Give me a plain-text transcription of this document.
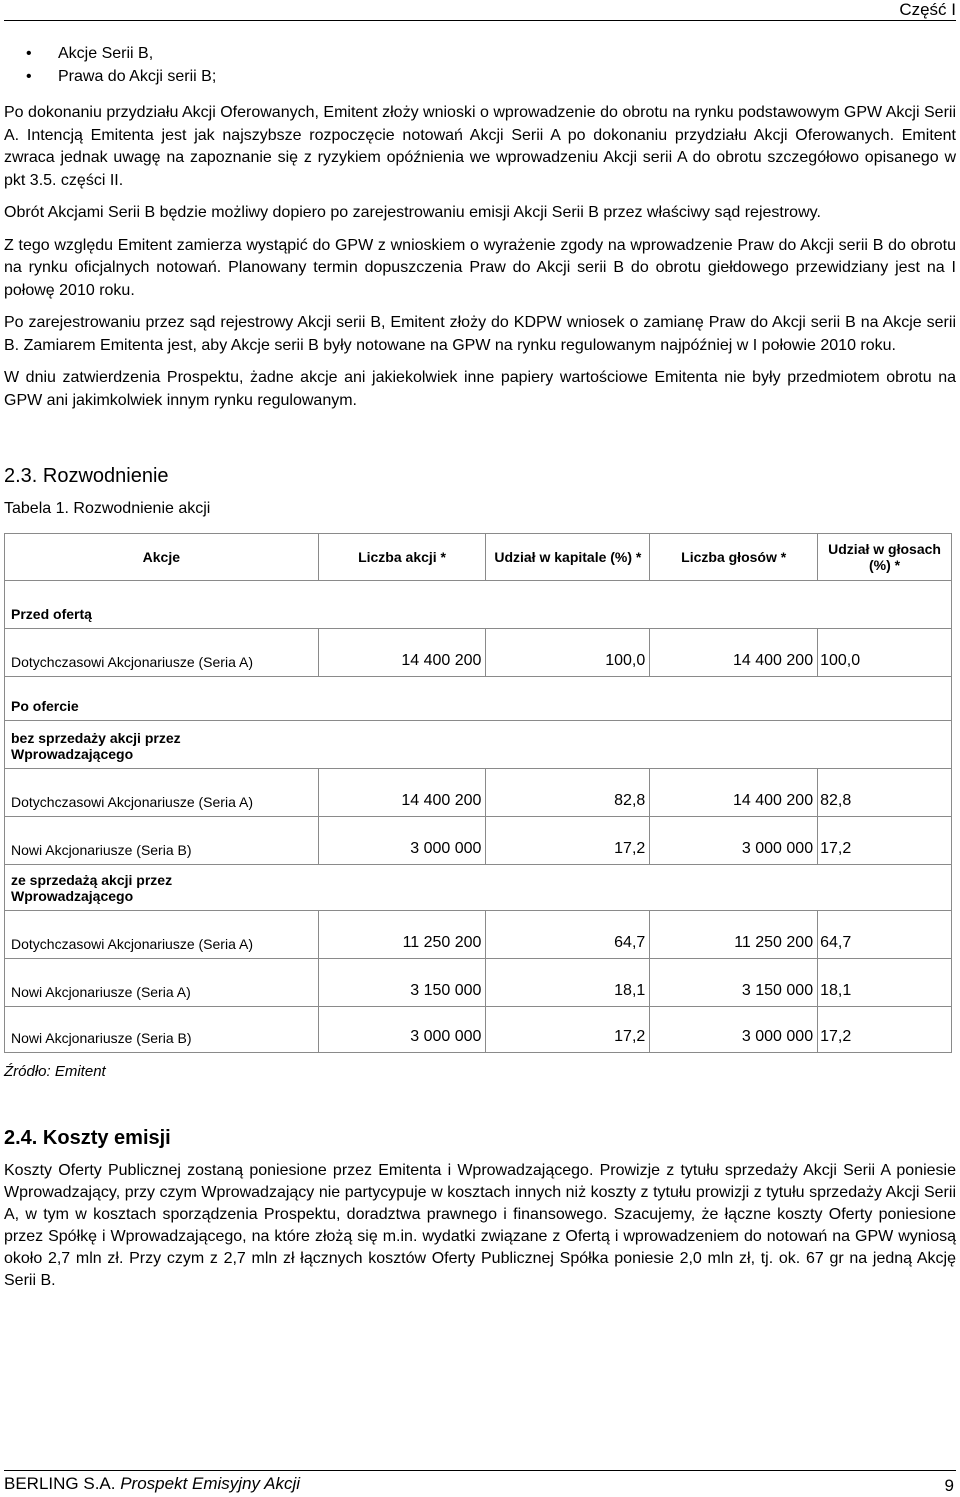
Część I
• Akcje Serii B,
• Prawa do Akcji serii B;

Po dokonaniu przydziału Akcji Oferowanych, Emitent złoży wnioski o wprowadzenie do obrotu na rynku podstawowym GPW Akcji Serii A. Intencją Emitenta jest jak najszybsze rozpoczęcie notowań Akcji Serii A po dokonaniu przydziału Akcji Oferowanych. Emitent zwraca jednak uwagę na zapoznanie się z ryzykiem opóźnienia we wprowadzeniu Akcji serii A do obrotu szczegółowo opisanego w pkt 3.5. części II.

Obrót Akcjami Serii B będzie możliwy dopiero po zarejestrowaniu emisji Akcji Serii B przez właściwy sąd rejestrowy.

Z tego względu Emitent zamierza wystąpić do GPW z wnioskiem o wyrażenie zgody na wprowadzenie Praw do Akcji serii B do obrotu na rynku oficjalnych notowań. Planowany termin dopuszczenia Praw do Akcji serii B do obrotu giełdowego przewidziany jest na I połowę 2010 roku.

Po zarejestrowaniu przez sąd rejestrowy Akcji serii B, Emitent złoży do KDPW wniosek o zamianę Praw do Akcji serii B na Akcje serii B. Zamiarem Emitenta jest, aby Akcje serii B były notowane na GPW na rynku regulowanym najpóźniej w I połowie 2010 roku.

W dniu zatwierdzenia Prospektu, żadne akcje ani jakiekolwiek inne papiery wartościowe Emitenta nie były przedmiotem obrotu na GPW ani jakimkolwiek innym rynku regulowanym.

2.3. Rozwodnienie
Tabela 1. Rozwodnienie akcji
Akcje	Liczba akcji *	Udział w kapitale (%) *	Liczba głosów *	Udział w głosach (%) *
Przed ofertą				
Dotychczasowi Akcjonariusze (Seria A)	14 400 200	100,0	14 400 200	100,0
Po ofercie				

bez sprzedaży akcji przez Wprowadzającego				

Dotychczasowi Akcjonariusze (Seria A)	14 400 200	82,8	14 400 200	82,8
Nowi Akcjonariusze (Seria B)	3 000 000	17,2	3 000 000	17,2

ze sprzedażą akcji przez Wprowadzającego				

Dotychczasowi Akcjonariusze (Seria A)	11 250 200	64,7	11 250 200	64,7
Nowi Akcjonariusze (Seria A)	3 150 000	18,1	3 150 000	18,1
Nowi Akcjonariusze (Seria B)	3 000 000	17,2	3 000 000	17,2
Źródło: Emitent
2.4. Koszty emisji

Koszty Oferty Publicznej zostaną poniesione przez Emitenta i Wprowadzającego. Prowizje z tytułu sprzedaży Akcji Serii A poniesie Wprowadzający, przy czym Wprowadzający nie partycypuje w kosztach innych niż koszty z tytułu prowizji z tytułu sprzedaży Akcji Serii A, w tym w kosztach sporządzenia Prospektu, doradztwa prawnego i finansowego. Szacujemy, że łączne koszty Oferty poniesione przez Spółkę i Wprowadzającego, na które złożą się m.in. wydatki związane z Ofertą i wprowadzeniem do notowań na GPW wyniosą około 2,7 mln zł. Przy czym z 2,7 mln zł łącznych kosztów Oferty Publicznej Spółka poniesie 2,0 mln zł, tj. ok. 67 gr na jedną Akcję Serii B.

BERLING S.A. Prospekt Emisyjny Akcji	9
